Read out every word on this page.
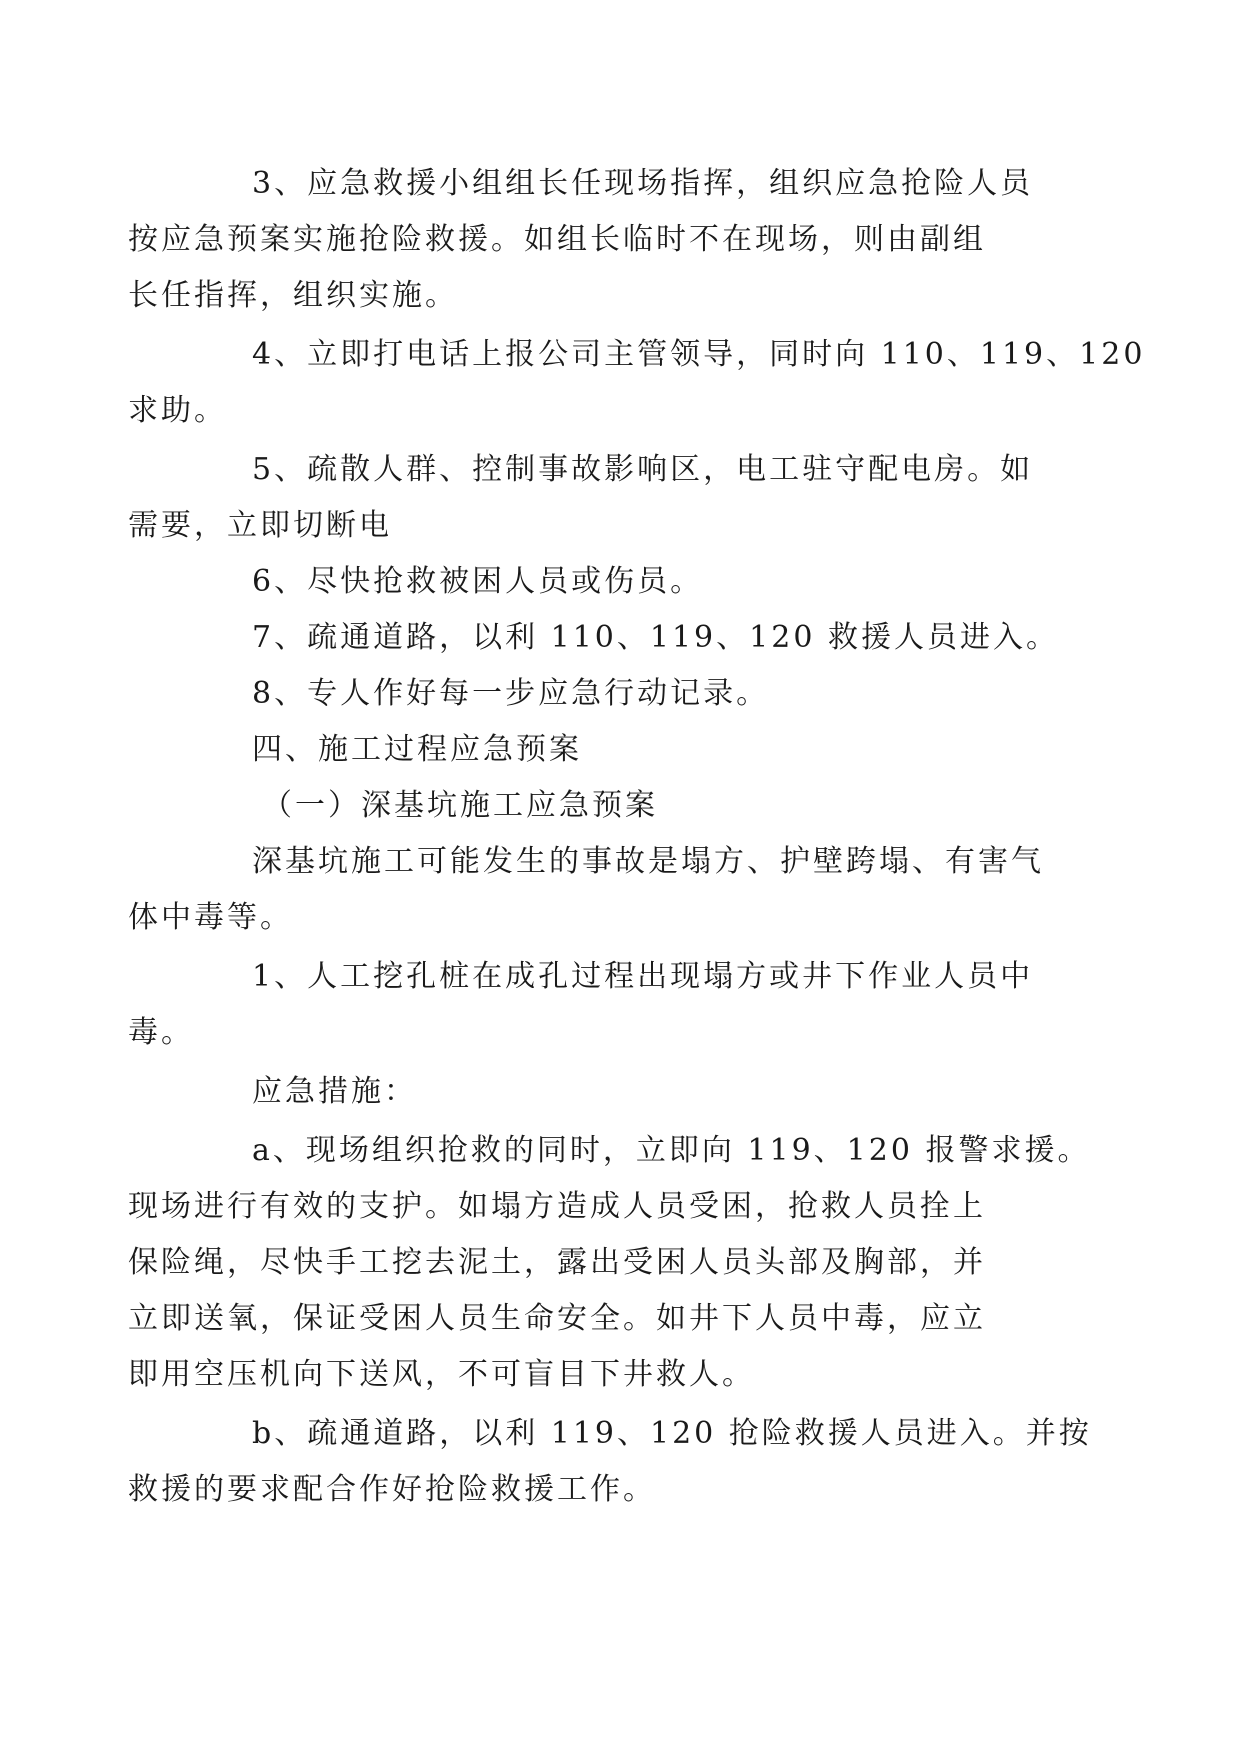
3、应急救援小组组长任现场指挥，组织应急抢险人员
按应急预案实施抢险救援。如组长临时不在现场，则由副组
长任指挥，组织实施。
4、立即打电话上报公司主管领导，同时向 110、119、120
求助。
5、疏散人群、控制事故影响区，电工驻守配电房。如
需要，立即切断电
6、尽快抢救被困人员或伤员。
7、疏通道路，以利 110、119、120 救援人员进入。
8、专人作好每一步应急行动记录。
四、施工过程应急预案
（一）深基坑施工应急预案
深基坑施工可能发生的事故是塌方、护壁跨塌、有害气
体中毒等。
1、人工挖孔桩在成孔过程出现塌方或井下作业人员中
毒。
应急措施：
a、现场组织抢救的同时，立即向 119、120 报警求援。
现场进行有效的支护。如塌方造成人员受困，抢救人员拴上
保险绳，尽快手工挖去泥土，露出受困人员头部及胸部，并
立即送氧，保证受困人员生命安全。如井下人员中毒，应立
即用空压机向下送风，不可盲目下井救人。
b、疏通道路，以利 119、120 抢险救援人员进入。并按
救援的要求配合作好抢险救援工作。
